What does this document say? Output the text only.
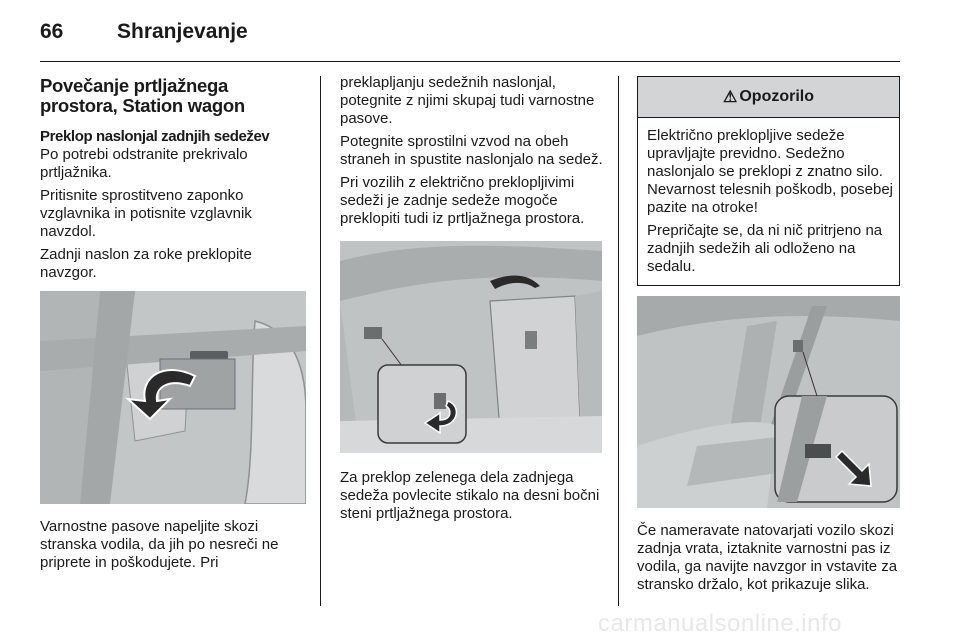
66	Shranjevanje
Povečanje prtljažnega prostora, Station wagon
Preklop naslonjal zadnjih sedežev

Po potrebi odstranite prekrivalo prtljažnika.

Pritisnite sprostitveno zaponko vzglavnika in potisnite vzglavnik navzdol.

Zadnji naslon za roke preklopite navzgor.

Varnostne pasove napeljite skozi stranska vodila, da jih po nesreči ne priprete in poškodujete. Pri

preklapljanju sedežnih naslonjal, potegnite z njimi skupaj tudi varnostne pasove.

Potegnite sprostilni vzvod na obeh straneh in spustite naslonjalo na sedež.

Pri vozilih z električno preklopljivimi sedeži je zadnje sedeže mogoče preklopiti tudi iz prtljažnega prostora.

Za preklop zelenega dela zadnjega sedeža povlecite stikalo na desni bočni steni prtljažnega prostora.

⚠ Opozorilo

Električno preklopljive sedeže upravljajte previdno. Sedežno naslonjalo se preklopi z znatno silo. Nevarnost telesnih poškodb, posebej pazite na otroke!

Prepričajte se, da ni nič pritrjeno na zadnjih sedežih ali odloženo na sedalu.

Če nameravate natovarjati vozilo skozi zadnja vrata, iztaknite varnostni pas iz vodila, ga navijte navzgor in vstavite za stransko držalo, kot prikazuje slika.

carmanualsonline.info
